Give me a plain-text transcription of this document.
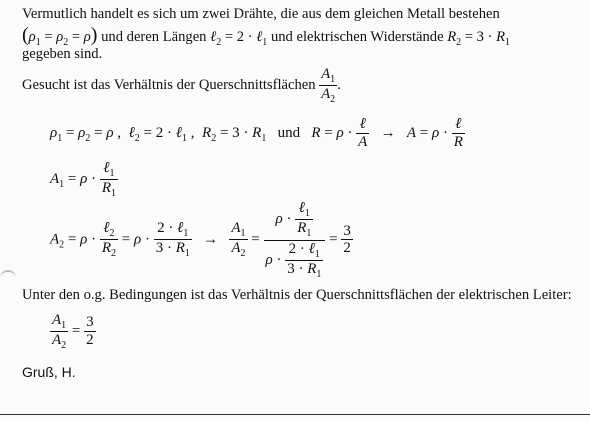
Vermutlich handelt es sich um zwei Drähte, die aus dem gleichen Metall bestehen
$(\rho_1 = \rho_2 = \rho)$ und deren Längen ℓ$_2$ = 2 · ℓ$_1$ und elektrischen Widerstände $R_2 = 3 \cdot R_1$
gegeben sind.
Gesucht ist das Verhältnis der Querschnittsflächen $\frac{A_1}{A_2}$ .
$\rho_1 = \rho_2 = \rho$ ,  ℓ$_2$ = 2 · ℓ$_1$ ,  $R_2 = 3 \cdot R_1$ und $R = \rho \cdot \frac{\text{ℓ}}{A} \to A = \rho \cdot \frac{\text{ℓ}}{R}$
$A_1 = \rho \cdot \frac{\ell_1}{R_1}$
$A_2 = \rho \cdot \frac{\ell_2}{R_2} = \rho \cdot \frac{2 \cdot \ell_1}{3 \cdot R_1} \to \frac{A_1}{A_2} = \frac{\rho \cdot \frac{\ell_1}{R_1}}{\rho \cdot \frac{2 \cdot \ell_1}{3 \cdot R_1}} = \frac{3}{2}$
Unter den o.g. Bedingungen ist das Verhältnis der Querschnittsflächen der elektrischen Leiter:
$\frac{A_1}{A_2} = \frac{3}{2}$
Gruß, H.
